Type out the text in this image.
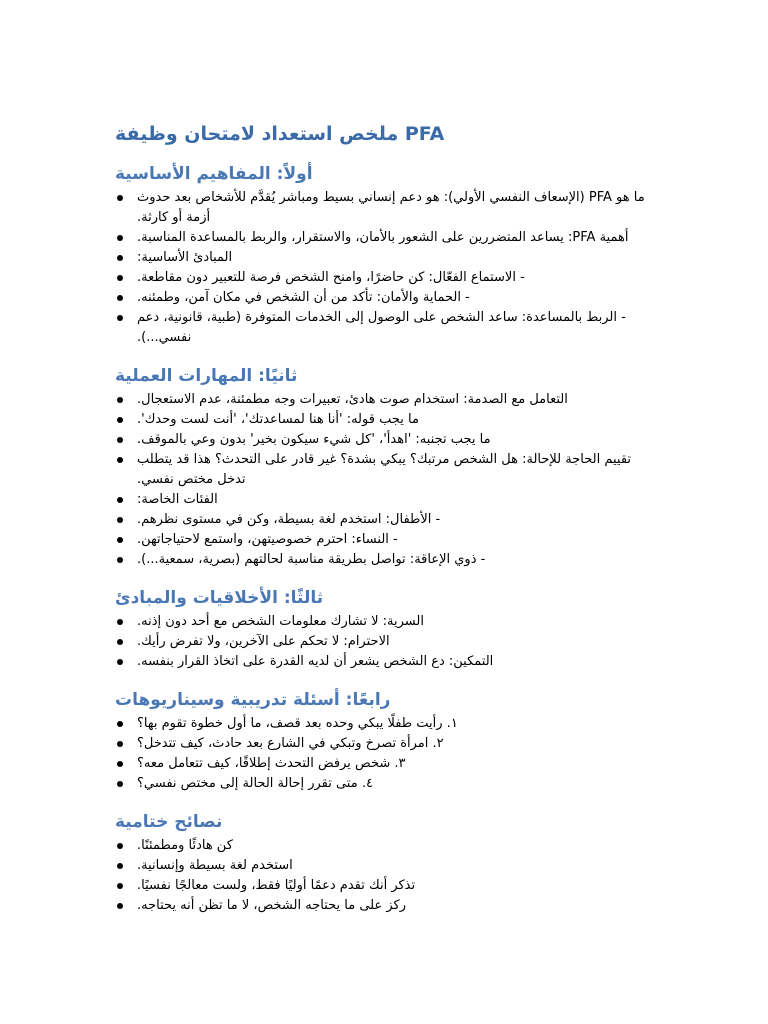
ملخص استعداد لامتحان وظيفة PFA
أولاً: المفاهيم الأساسية
ما هو PFA (الإسعاف النفسي الأولي): هو دعم إنساني بسيط ومباشر يُقدَّم للأشخاص بعد حدوث أزمة أو كارثة.
أهمية PFA: يساعد المتضررين على الشعور بالأمان، والاستقرار، والربط بالمساعدة المناسبة.
المبادئ الأساسية:
- الاستماع الفعّال: كن حاضرًا، وامنح الشخص فرصة للتعبير دون مقاطعة.
- الحماية والأمان: تأكد من أن الشخص في مكان آمن، وطمئنه.
- الربط بالمساعدة: ساعد الشخص على الوصول إلى الخدمات المتوفرة (طبية، قانونية، دعم نفسي...).
ثانيًا: المهارات العملية
التعامل مع الصدمة: استخدام صوت هادئ، تعبيرات وجه مطمئنة، عدم الاستعجال.
ما يجب قوله: 'أنا هنا لمساعدتك'، 'أنت لست وحدك'.
ما يجب تجنبه: 'اهدأ'، 'كل شيء سيكون بخير' بدون وعي بالموقف.
تقييم الحاجة للإحالة: هل الشخص مرتبك؟ يبكي بشدة؟ غير قادر على التحدث؟ هذا قد يتطلب تدخل مختص نفسي.
الفئات الخاصة:
- الأطفال: استخدم لغة بسيطة، وكن في مستوى نظرهم.
- النساء: احترم خصوصيتهن، واستمع لاحتياجاتهن.
- ذوي الإعاقة: تواصل بطريقة مناسبة لحالتهم (بصرية، سمعية...).
ثالثًا: الأخلاقيات والمبادئ
السرية: لا تشارك معلومات الشخص مع أحد دون إذنه.
الاحترام: لا تحكم على الآخرين، ولا تفرض رأيك.
التمكين: دع الشخص يشعر أن لديه القدرة على اتخاذ القرار بنفسه.
رابعًا: أسئلة تدريبية وسيناريوهات
١. رأيت طفلًا يبكي وحده بعد قصف، ما أول خطوة تقوم بها؟
٢. امرأة تصرخ وتبكي في الشارع بعد حادث، كيف تتدخل؟
٣. شخص يرفض التحدث إطلاقًا، كيف تتعامل معه؟
٤. متى تقرر إحالة الحالة إلى مختص نفسي؟
نصائح ختامية
كن هادئًا ومطمئنًا.
استخدم لغة بسيطة وإنسانية.
تذكر أنك تقدم دعمًا أوليًا فقط، ولست معالجًا نفسيًا.
ركز على ما يحتاجه الشخص، لا ما تظن أنه يحتاجه.
